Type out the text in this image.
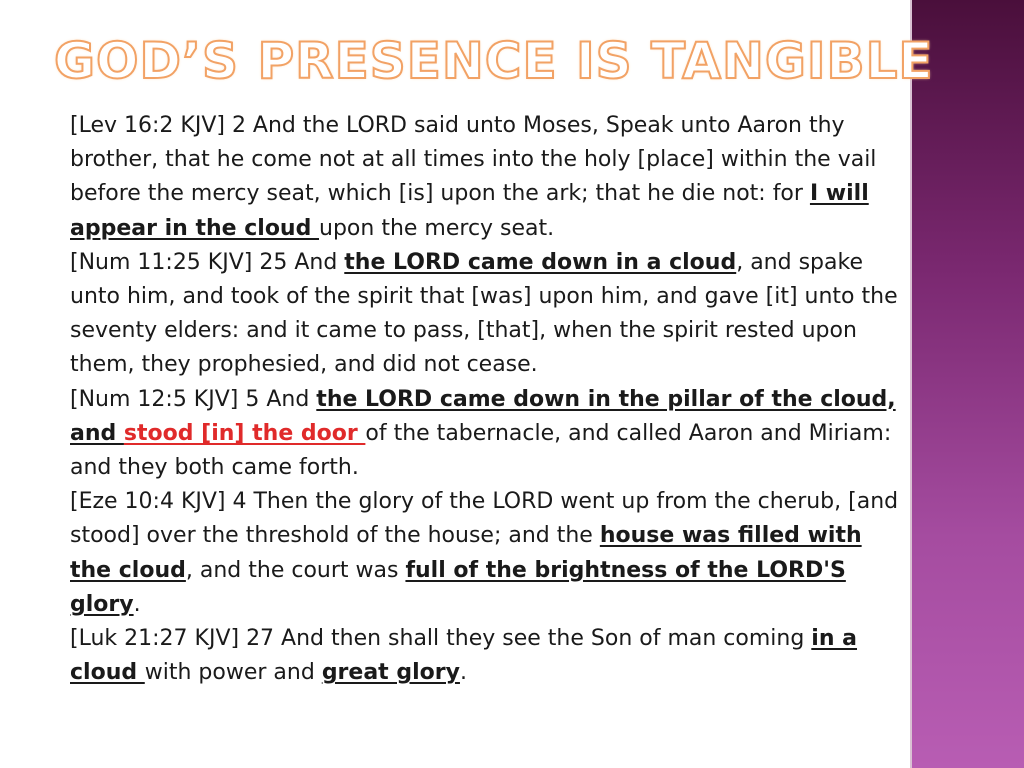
GOD’S PRESENCE IS TANGIBLE

[Lev 16:2 KJV] 2 And the LORD said unto Moses, Speak unto Aaron thy brother, that he come not at all times into the holy [place] within the vail before the mercy seat, which [is] upon the ark; that he die not: for I will appear in the cloud upon the mercy seat.

[Num 11:25 KJV] 25 And the LORD came down in a cloud, and spake unto him, and took of the spirit that [was] upon him, and gave [it] unto the seventy elders: and it came to pass, [that], when the spirit rested upon them, they prophesied, and did not cease.

[Num 12:5 KJV] 5 And the LORD came down in the pillar of the cloud, and stood [in] the door of the tabernacle, and called Aaron and Miriam: and they both came forth.

[Eze 10:4 KJV] 4 Then the glory of the LORD went up from the cherub, [and stood] over the threshold of the house; and the house was filled with the cloud, and the court was full of the brightness of the LORD'S glory.

[Luk 21:27 KJV] 27 And then shall they see the Son of man coming in a cloud with power and great glory.
